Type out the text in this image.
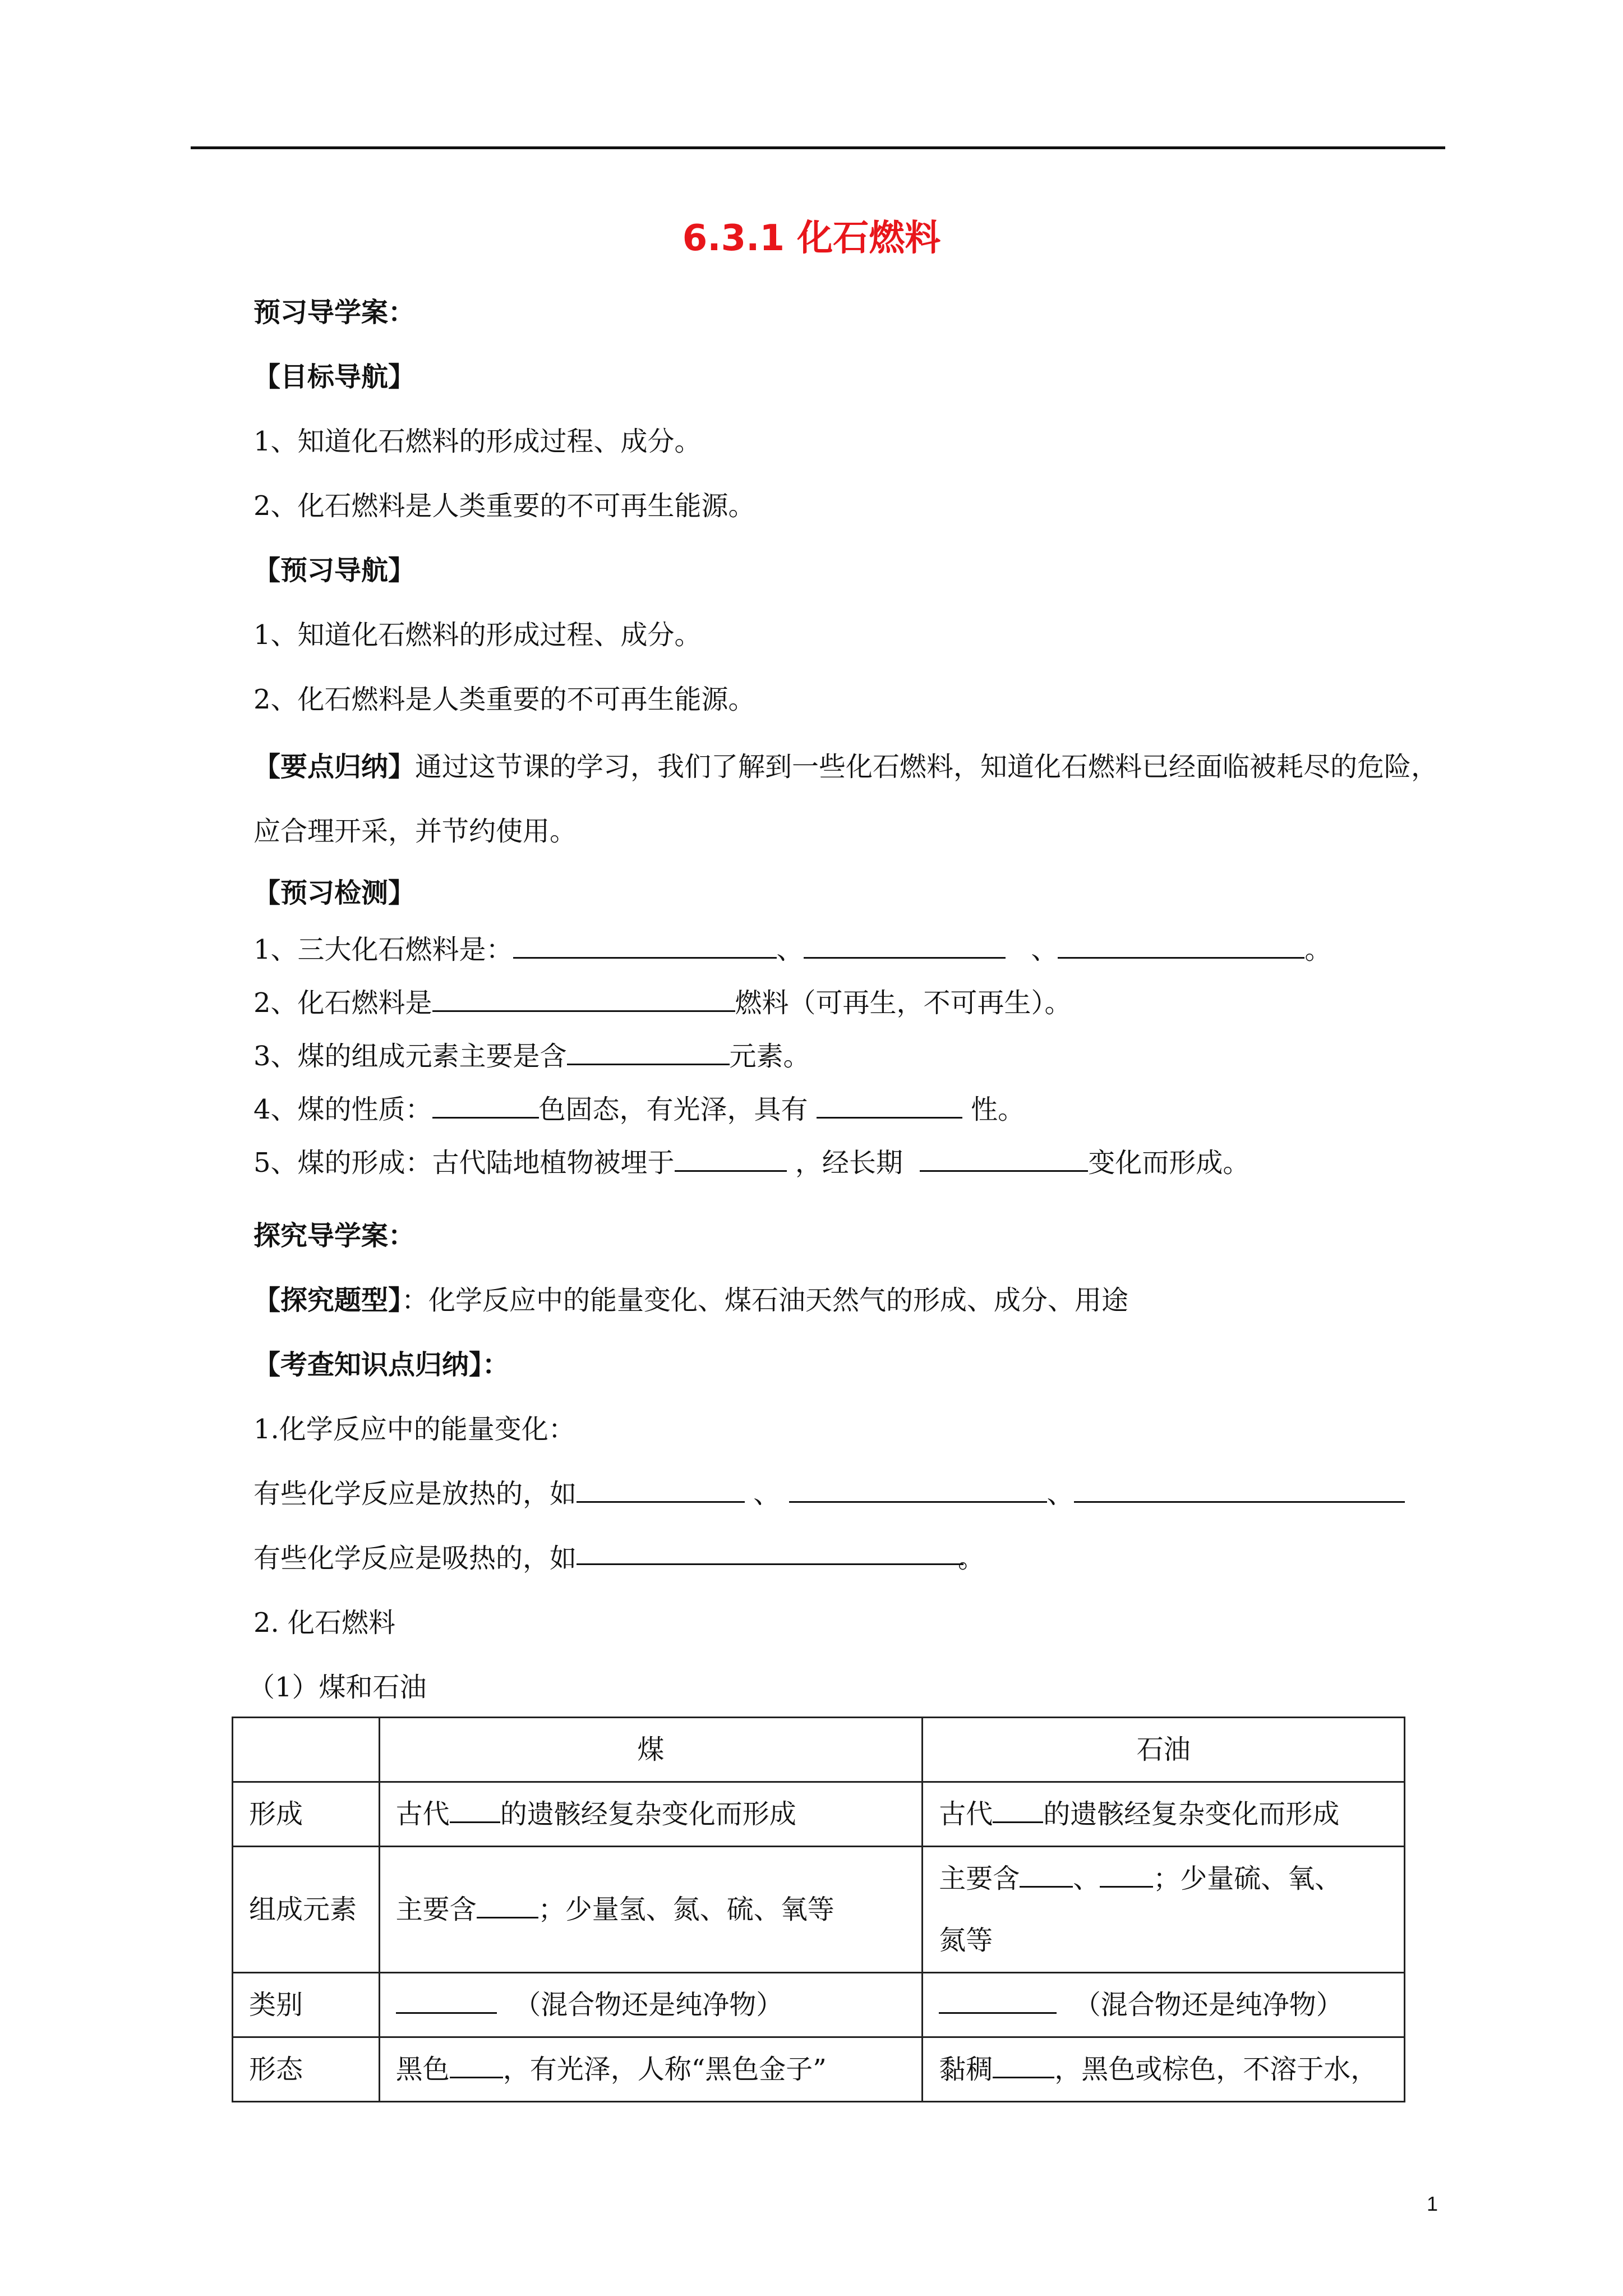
6.3.1 化石燃料
预习导学案：
【目标导航】
1、知道化石燃料的形成过程、成分。
2、化石燃料是人类重要的不可再生能源。
【预习导航】
1、知道化石燃料的形成过程、成分。
2、化石燃料是人类重要的不可再生能源。
【要点归纳】通过这节课的学习，我们了解到一些化石燃料，知道化石燃料已经面临被耗尽的危险，应合理开采，并节约使用。
【预习检测】
1、三大化石燃料是：	、	、	。
2、化石燃料是	燃料（可再生，不可再生）。
3、煤的组成元素主要是含	元素。
4、煤的性质：	色固态，有光泽，具有	性。
5、煤的形成：古代陆地植物被埋于	，经长期	变化而形成。
探究导学案：
【探究题型】：化学反应中的能量变化、煤石油天然气的形成、成分、用途
【考查知识点归纳】：
1.化学反应中的能量变化：
有些化学反应是放热的，如	、	、
有些化学反应是吸热的，如	。
2. 化石燃料
（1）煤和石油
	煤	石油
形成	古代 的遗骸经复杂变化而形成	古代 的遗骸经复杂变化而形成
组成元素	主要含 ；少量氢、氮、硫、氧等	主要含 、 ；少量硫、氧、
氮等
类别	（混合物还是纯净物）	（混合物还是纯净物）
形态	黑色 ，有光泽，人称“黑色金子”	黏稠 ，黑色或棕色，不溶于水，
1
